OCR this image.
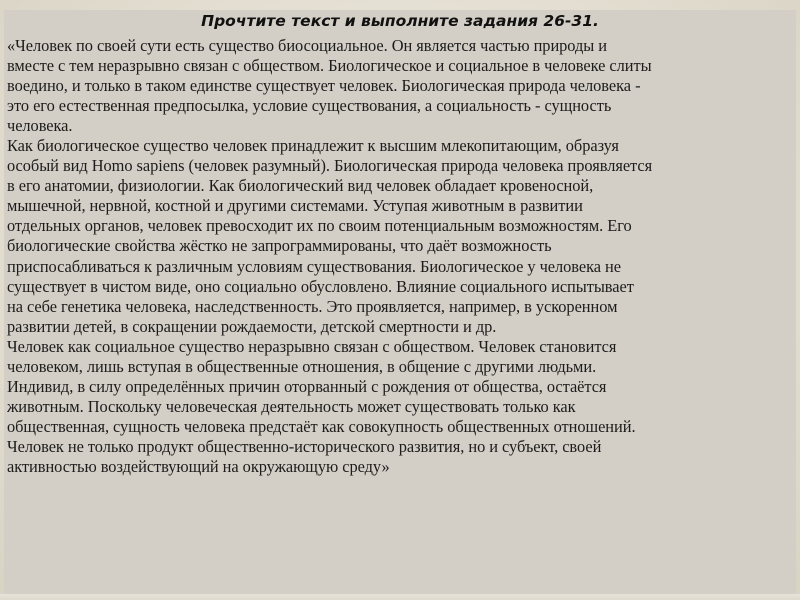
Прочтите текст и выполните задания 26-31.
«Человек по своей сути есть существо биосоциальное. Он является частью природы и
вместе с тем неразрывно связан с обществом. Биологическое и социальное в человеке слиты
воедино, и только в таком единстве существует человек. Биологическая природа человека -
это его естественная предпосылка, условие существования, а социальность - сущность
человека.
Как биологическое существо человек принадлежит к высшим млекопитающим, образуя
особый вид Homo sapiens (человек разумный). Биологическая природа человека проявляется
в его анатомии, физиологии. Как биологический вид человек обладает кровеносной,
мышечной, нервной, костной и другими системами. Уступая животным в развитии
отдельных органов, человек превосходит их по своим потенциальным возможностям. Его
биологические свойства жёстко не запрограммированы, что даёт возможность
приспосабливаться к различным условиям существования. Биологическое у человека не
существует в чистом виде, оно социально обусловлено. Влияние социального испытывает
на себе генетика человека, наследственность. Это проявляется, например, в ускоренном
развитии детей, в сокращении рождаемости, детской смертности и др.
Человек как социальное существо неразрывно связан с обществом. Человек становится
человеком, лишь вступая в общественные отношения, в общение с другими людьми.
Индивид, в силу определённых причин оторванный с рождения от общества, остаётся
животным. Поскольку человеческая деятельность может существовать только как
общественная, сущность человека предстаёт как совокупность общественных отношений.
Человек не только продукт общественно-исторического развития, но и субъект, своей
активностью воздействующий на окружающую среду»
